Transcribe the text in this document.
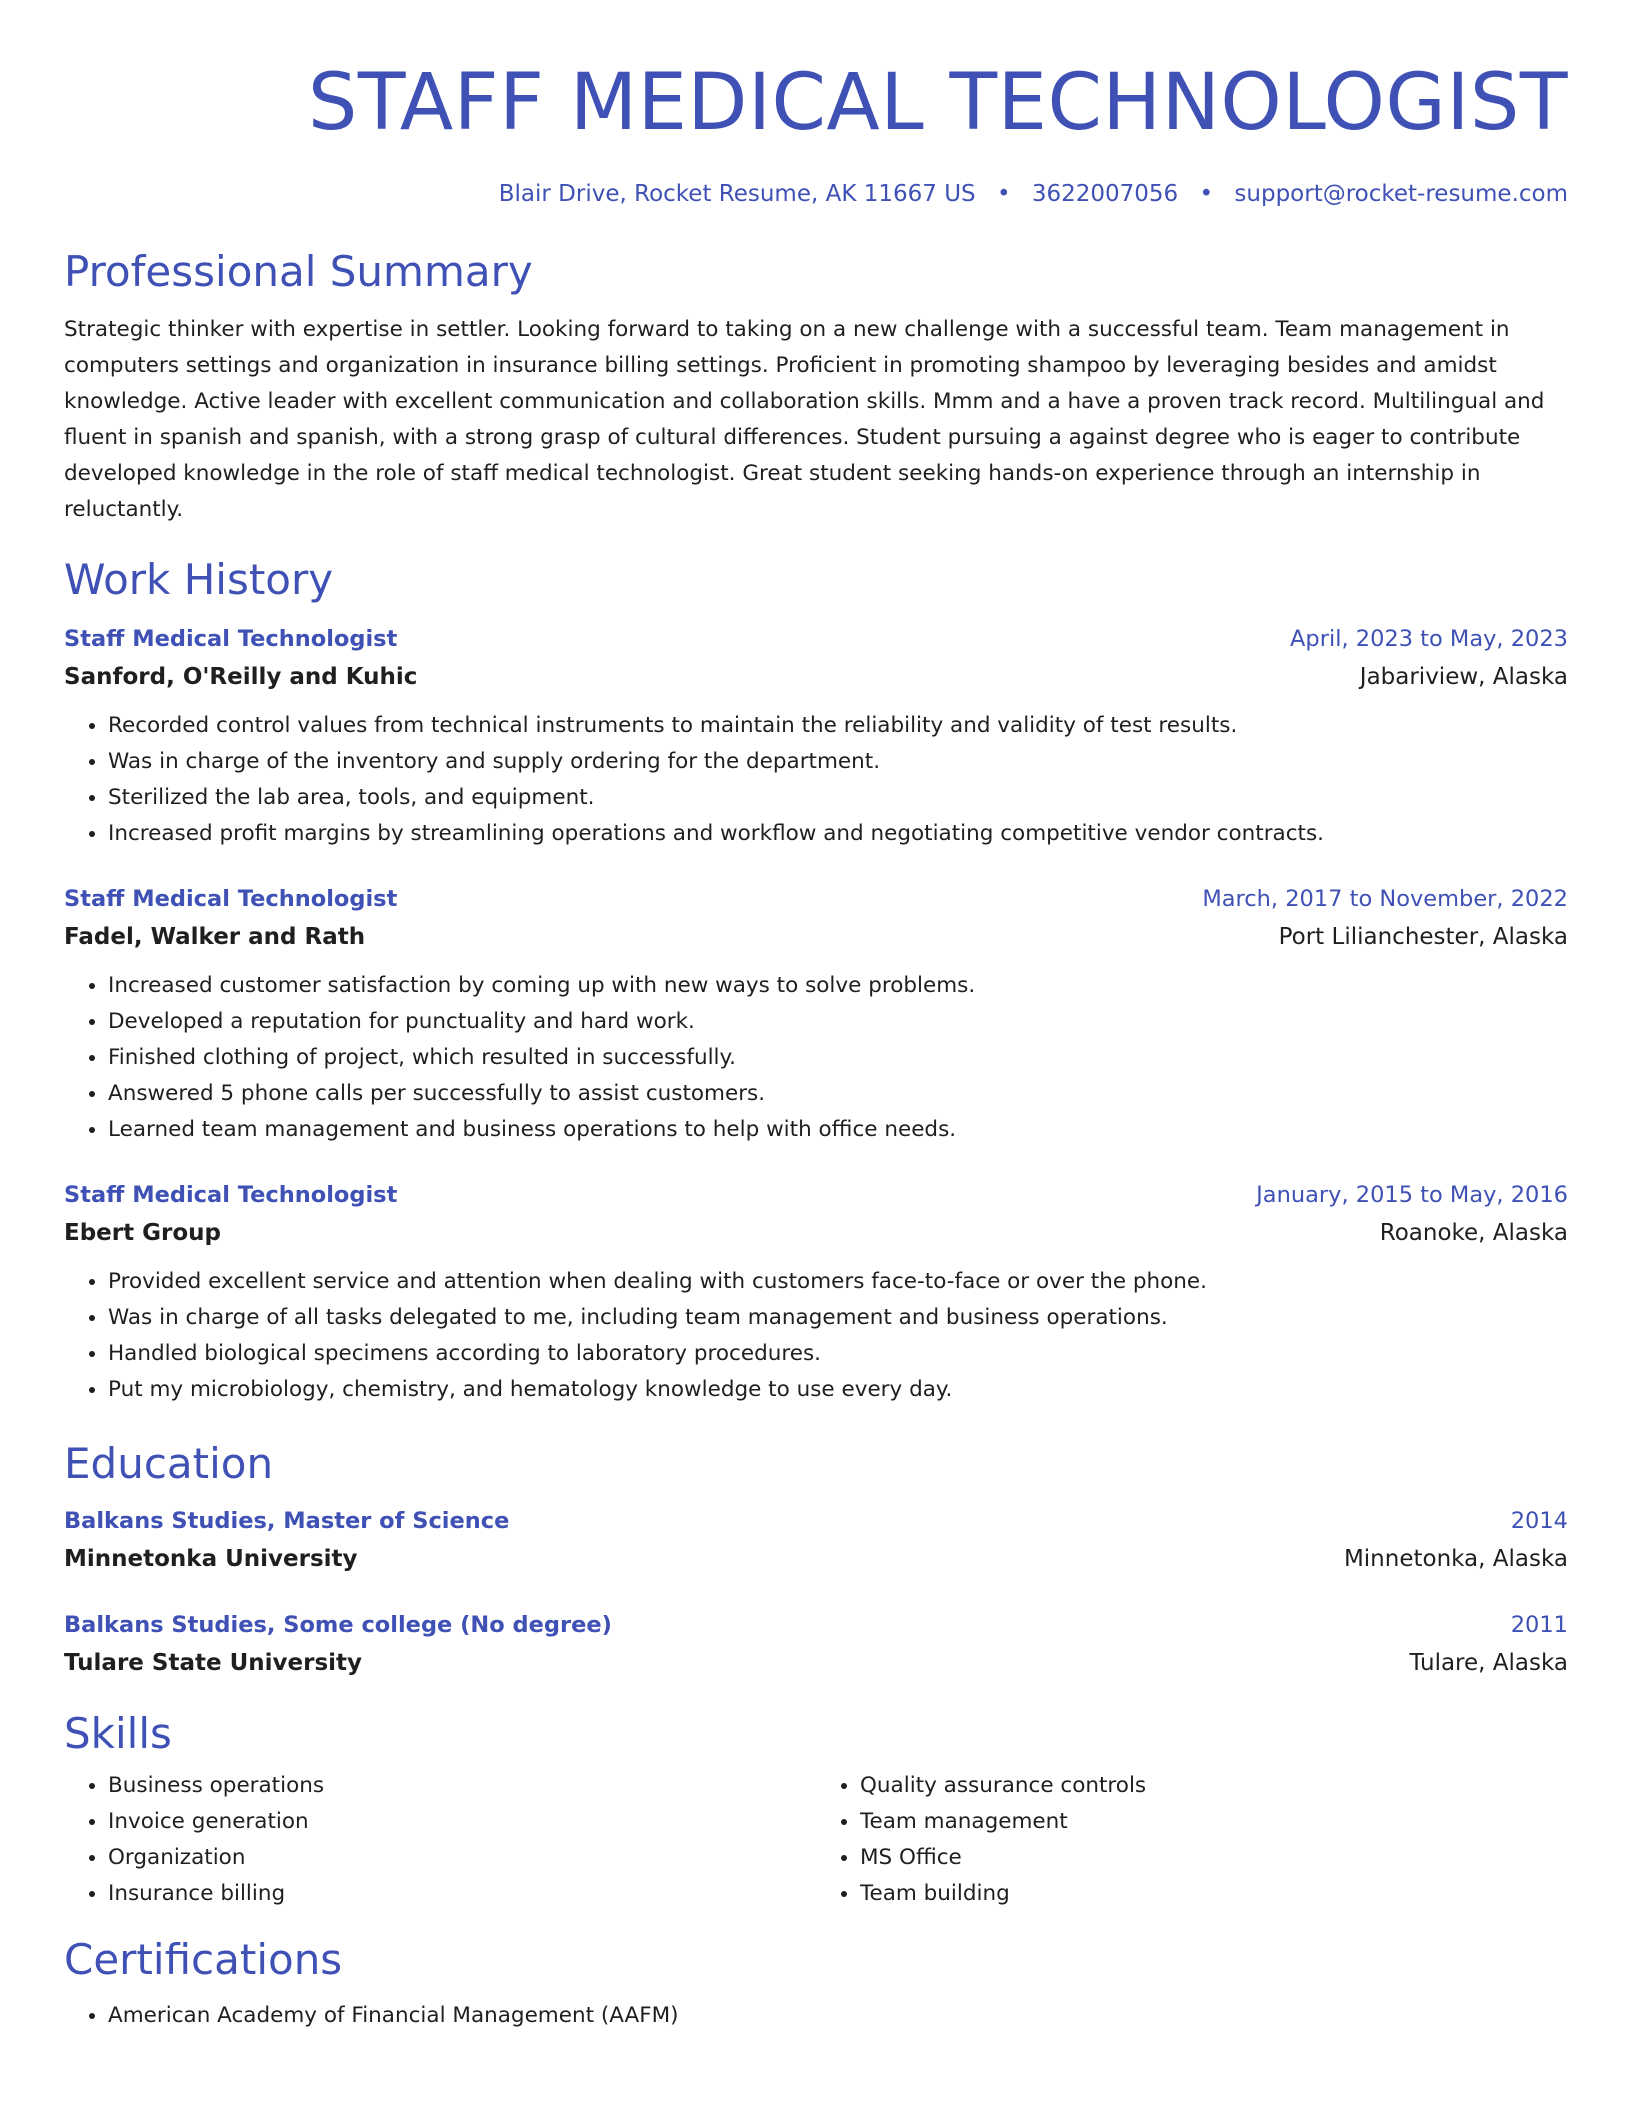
STAFF MEDICAL TECHNOLOGIST
Blair Drive, Rocket Resume, AK 11667 US • 3622007056 • support@rocket-resume.com
Professional Summary

Strategic thinker with expertise in settler. Looking forward to taking on a new challenge with a successful team. Team management in computers settings and organization in insurance billing settings. Proficient in promoting shampoo by leveraging besides and amidst knowledge. Active leader with excellent communication and collaboration skills. Mmm and a have a proven track record. Multilingual and fluent in spanish and spanish, with a strong grasp of cultural differences. Student pursuing a against degree who is eager to contribute developed knowledge in the role of staff medical technologist. Great student seeking hands-on experience through an internship in reluctantly.

Work History
Staff Medical Technologist	April, 2023 to May, 2023
Sanford, O'Reilly and Kuhic	Jabariview, Alaska
• Recorded control values from technical instruments to maintain the reliability and validity of test results.
• Was in charge of the inventory and supply ordering for the department.
• Sterilized the lab area, tools, and equipment.
• Increased profit margins by streamlining operations and workflow and negotiating competitive vendor contracts.
Staff Medical Technologist	March, 2017 to November, 2022
Fadel, Walker and Rath	Port Lilianchester, Alaska
• Increased customer satisfaction by coming up with new ways to solve problems.
• Developed a reputation for punctuality and hard work.
• Finished clothing of project, which resulted in successfully.
• Answered 5 phone calls per successfully to assist customers.
• Learned team management and business operations to help with office needs.
Staff Medical Technologist	January, 2015 to May, 2016
Ebert Group	Roanoke, Alaska
• Provided excellent service and attention when dealing with customers face-to-face or over the phone.
• Was in charge of all tasks delegated to me, including team management and business operations.
• Handled biological specimens according to laboratory procedures.
• Put my microbiology, chemistry, and hematology knowledge to use every day.
Education
Balkans Studies, Master of Science	2014
Minnetonka University	Minnetonka, Alaska
Balkans Studies, Some college (No degree)	2011
Tulare State University	Tulare, Alaska
Skills
• Business operations
• Invoice generation
• Organization
• Insurance billing
• Quality assurance controls
• Team management
• MS Office
• Team building
Certifications
• American Academy of Financial Management (AAFM)
